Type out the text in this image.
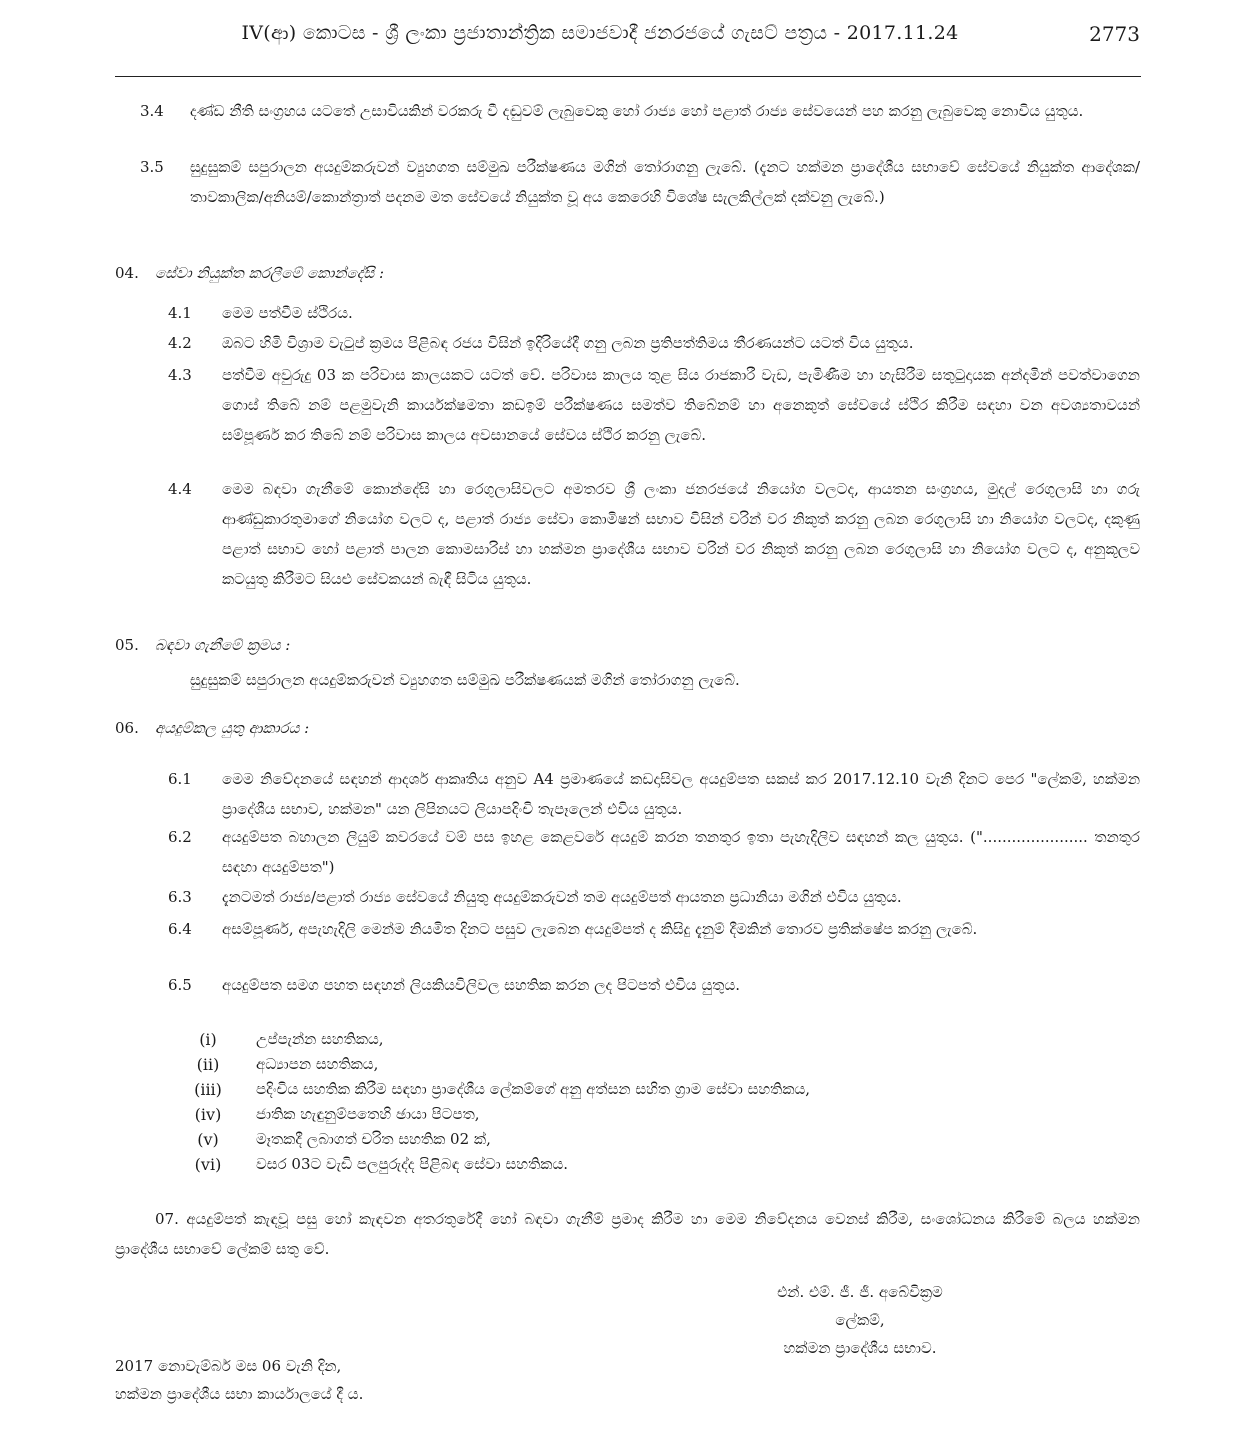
IV(ආ) කොටස - ශ්‍රී ලංකා ප්‍රජාතාන්ත්‍රික සමාජවාදී ජනරජයේ ගැසට් පත්‍රය - 2017.11.24	2773
3.4 දණ්ඩ නීති සංග්‍රහය යටතේ උසාවියකින් වරකරු වී දඬුවම් ලැබුවෙකු හෝ රාජ්‍ය හෝ පළාත් රාජ්‍ය සේවයෙන් පහ කරනු ලැබුවෙකු නොවිය යුතුය.
3.5 සුදුසුකම් සපුරාලන අයදුම්කරුවන් ව්‍යුහගත සම්මුඛ පරීක්ෂණය මගින් තෝරාගනු ලැබේ. (දැනට හක්මන ප්‍රාදේශීය සභාවේ සේවයේ නියුක්ත ආදේශක/තාවකාලික/අනියම්/කොන්ත්‍රාත් පදනම මත සේවයේ නියුක්ත වූ අය කෙරෙහි විශේෂ සැලකිල්ලක් දක්වනු ලැබේ.)
04. සේවා නියුක්ත කරලීමේ කොන්දේසි :
4.1 මෙම පත්වීම ස්ථිරය.
4.2 ඔබට හිමි විශ්‍රාම වැටුප් ක්‍රමය පිළිබඳ රජය විසින් ඉදිරියේදී ගනු ලබන ප්‍රතිපත්තිමය තීරණයන්ට යටත් විය යුතුය.
4.3 පත්වීම අවුරුදු 03 ක පරිවාස කාලයකට යටත් වේ. පරිවාස කාලය තුළ සිය රාජකාරී වැඩ, පැමිණීම හා හැසිරීම සතුටුදායක අන්දමින් පවත්වාගෙන ගොස් තිබේ නම් පළමුවැනි කාර්යක්ෂමතා කඩඉම් පරීක්ෂණය සමත්ව තිබේනම් හා අනෙකුත් සේවයේ ස්ථිර කිරීම සඳහා වන අවශ්‍යතාවයන් සම්පූර්ණ කර තිබේ නම් පරිවාස කාලය අවසානයේ සේවය ස්ථිර කරනු ලැබේ.
4.4 මෙම බඳවා ගැනීමේ කොන්දේසි හා රෙගුලාසිවලට අමතරව ශ්‍රී ලංකා ජනරජයේ නියෝග වලටද, ආයතන සංග්‍රහය, මුදල් රෙගුලාසි හා ගරු ආණ්ඩුකාරතුමාගේ නියෝග වලට ද, පළාත් රාජ්‍ය සේවා කොමිෂන් සභාව විසින් වරින් වර නිකුත් කරනු ලබන රෙගුලාසි හා නියෝග වලටද, දකුණු පළාත් සභාව හෝ පළාත් පාලන කොමසාරිස් හා හක්මන ප්‍රාදේශීය සභාව වරින් වර නිකුත් කරනු ලබන රෙගුලාසි හා නියෝග වලට ද, අනුකූලව කටයුතු කිරීමට සියළු සේවකයන් බැඳී සිටිය යුතුය.
05. බඳවා ගැනීමේ ක්‍රමය :
සුදුසුකම් සපුරාලන අයදුම්කරුවන් ව්‍යුහගත සම්මුඛ පරීක්ෂණයක් මගින් තෝරාගනු ලැබේ.
06. අයදුම්කල යුතු ආකාරය :
6.1 මෙම නිවේදනයේ සඳහන් ආදර්ශ ආකෘතිය අනුව A4 ප්‍රමාණයේ කඩදාසිවල අයදුම්පත සකස් කර 2017.12.10 වැනි දිනට පෙර "ලේකම්, හක්මන ප්‍රාදේශීය සභාව, හක්මන" යන ලිපිනයට ලියාපදිංචි තැපෑලෙන් එවිය යුතුය.
6.2 අයදුම්පත බහාලන ලියුම් කවරයේ වම් පස ඉහළ කෙළවරේ අයදුම් කරන තනතුර ඉතා පැහැදිලිව සඳහන් කල යුතුය. ("...................... තනතුර සඳහා අයදුම්පත")
6.3 දැනටමත් රාජ්‍ය/පළාත් රාජ්‍ය සේවයේ නියුතු අයදුම්කරුවන් තම අයදුම්පත් ආයතන ප්‍රධානියා මගින් එවිය යුතුය.
6.4 අසම්පූර්ණ, අපැහැදිලි මෙන්ම නියමිත දිනට පසුව ලැබෙන අයදුම්පත් ද කිසිදු දැනුම් දීමකින් තොරව ප්‍රතික්ෂේප කරනු ලැබේ.
6.5 අයදුම්පත සමග පහත සඳහන් ලියකියවිලිවල සහතික කරන ලද පිටපත් එවිය යුතුය.
(i)	උප්පැන්න සහතිකය,
(ii)	අධ්‍යාපන සහතිකය,
(iii)	පදිංචිය සහතික කිරීම සඳහා ප්‍රාදේශීය ලේකම්ගේ අනු අත්සන සහිත ග්‍රාම සේවා සහතිකය,
(iv)	ජාතික හැඳුනුම්පතෙහි ඡායා පිටපත,
(v)	මෑතකදී ලබාගත් චරිත සහතික 02 ක්,
(vi)	වසර 03ට වැඩි පලපුරුද්ද පිළිබඳ සේවා සහතිකය.
07. අයදුම්පත් කැඳවූ පසු හෝ කැඳවන අතරතුරේදී හෝ බඳවා ගැනීම් ප්‍රමාද කිරීම හා මෙම නිවේදනය වෙනස් කිරීම, සංශෝධනය කිරීමේ බලය හක්මන ප්‍රාදේශීය සභාවේ ලේකම් සතු වේ.
එන්. එම්. ජී. ජී. අබේවික්‍රම
ලේකම්,
හක්මන ප්‍රාදේශීය සභාව.
2017 නොවැම්බර් මස 06 වැනි දින,
හක්මන ප්‍රාදේශීය සභා කාර්යාලයේ දී ය.
